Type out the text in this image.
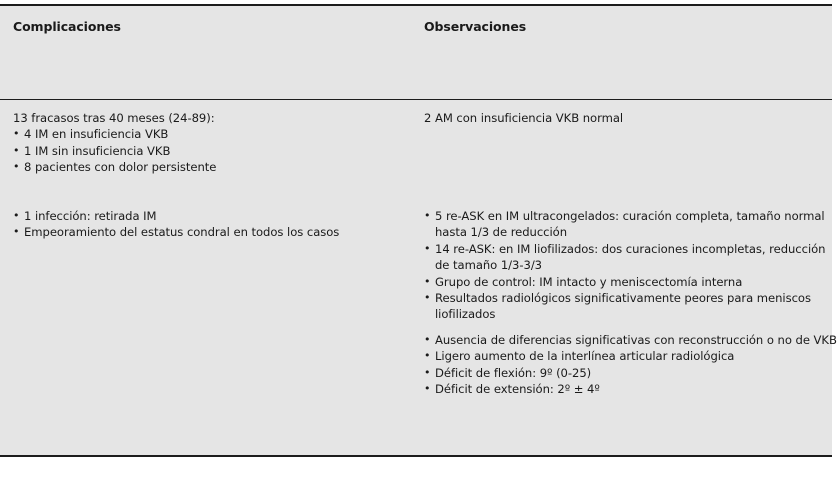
Complicaciones	Observaciones
13 fracasos tras 40 meses (24-89):
• 4 IM en insuficiencia VKB
• 1 IM sin insuficiencia VKB
• 8 pacientes con dolor persistente
• 1 infección: retirada IM
• Empeoramiento del estatus condral en todos los casos
2 AM con insuficiencia VKB normal
• 5 re-ASK en IM ultracongelados: curación completa, tamaño normal hasta 1/3 de reducción
• 14 re-ASK: en IM liofilizados: dos curaciones incompletas, reducción de tamaño 1/3-3/3
• Grupo de control: IM intacto y meniscectomía interna
• Resultados radiológicos significativamente peores para meniscos liofilizados
• Ausencia de diferencias significativas con reconstrucción o no de VKB
• Ligero aumento de la interlínea articular radiológica
• Déficit de flexión: 9º (0-25)
• Déficit de extensión: 2º ± 4º
